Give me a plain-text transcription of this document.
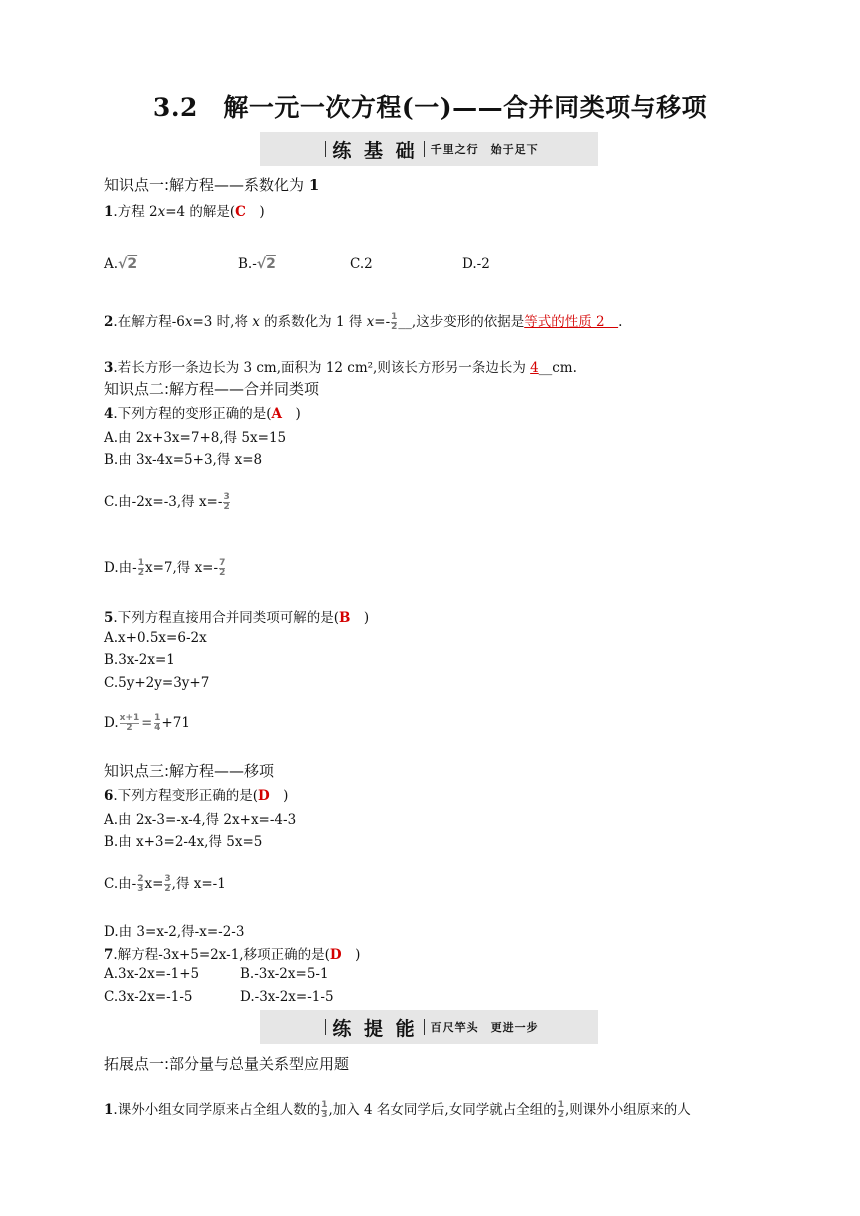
3.2　解一元一次方程(一)——合并同类项与移项
练 基 础 千里之行　始于足下
知识点一:解方程——系数化为 1
1.方程 2x=4 的解是(C　)
A.√2	B.-√2	C.2	D.-2
2.在解方程-6x=3 时,将 x 的系数化为 1 得 $x=- \frac{1}{2}$ __,这步变形的依据是等式的性质 2　.
3.若长方形一条边长为 3 cm,面积为 12 cm²,则该长方形另一条边长为 4__cm.
知识点二:解方程——合并同类项
4.下列方程的变形正确的是(A　)
A.由 2x+3x=7+8,得 5x=15
B.由 3x-4x=5+3,得 x=8
C.由-2x=-3,得 $x=- \frac{3}{2}$
D.由- $\frac{1}{2} x=7$,得 $x=- \frac{7}{2}$
5.下列方程直接用合并同类项可解的是(B　)
A.x+0.5x=6-2x
B.3x-2x=1
C.5y+2y=3y+7
D. $\frac{x+1}{2} = \frac{1}{4} +71$
知识点三:解方程——移项
6.下列方程变形正确的是(D　)
A.由 2x-3=-x-4,得 2x+x=-4-3
B.由 x+3=2-4x,得 5x=5
C.由- $\frac{2}{3} x= \frac{3}{2}$ ,得 x=-1
D.由 3=x-2,得-x=-2-3
7.解方程-3x+5=2x-1,移项正确的是(D　)
A.3x-2x=-1+5	B.-3x-2x=5-1
C.3x-2x=-1-5	D.-3x-2x=-1-5
练 提 能 百尺竿头　更进一步
拓展点一:部分量与总量关系型应用题
1.课外小组女同学原来占全组人数的 $\frac{1}{3}$ ,加入 4 名女同学后,女同学就占全组的 $\frac{1}{2}$ ,则课外小组原来的人
